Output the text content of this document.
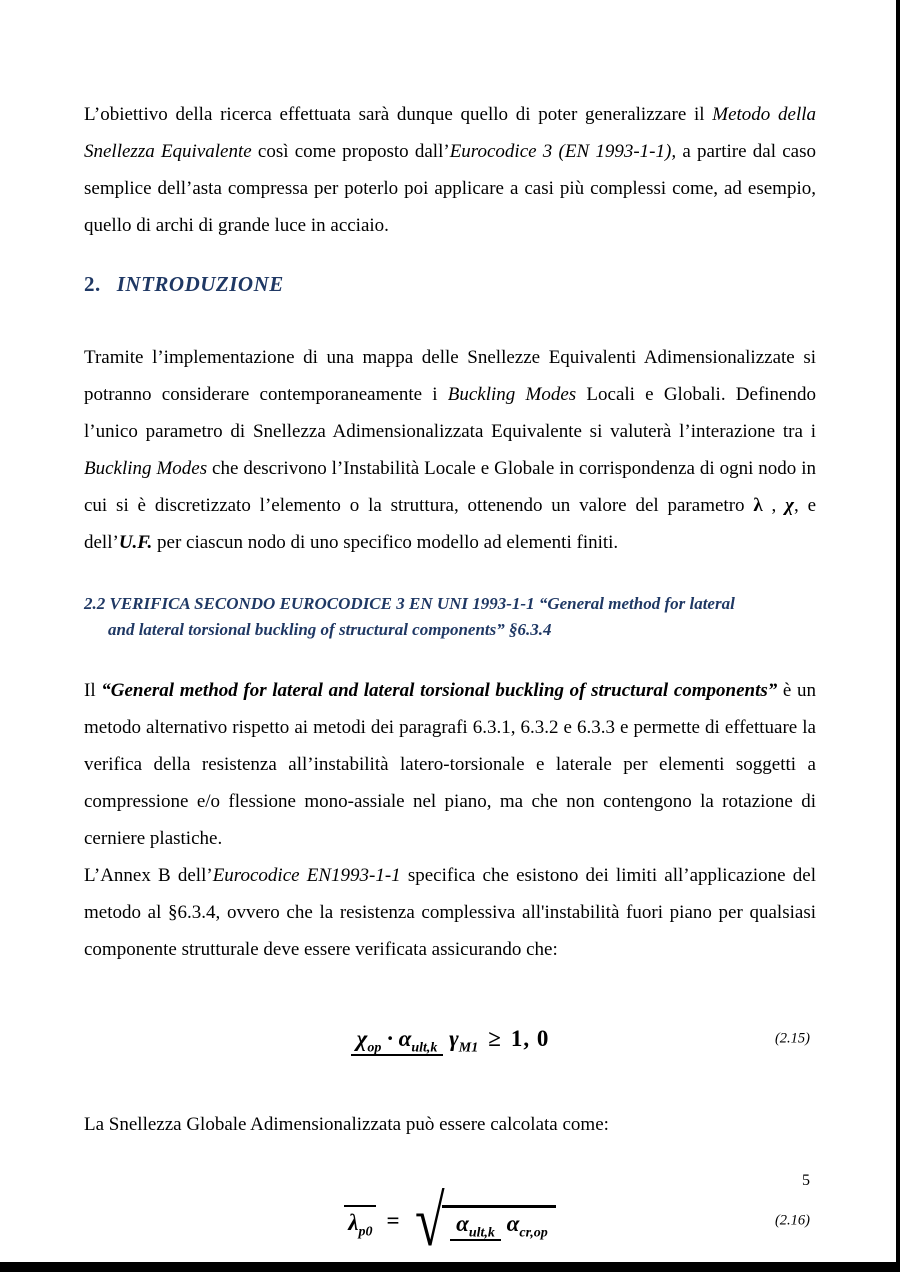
L’obiettivo della ricerca effettuata sarà dunque quello di poter generalizzare il Metodo della Snellezza Equivalente così come proposto dall’Eurocodice 3 (EN 1993-1-1), a partire dal caso semplice dell’asta compressa per poterlo poi applicare a casi più complessi come, ad esempio, quello di archi di grande luce in acciaio.

2. INTRODUZIONE

Tramite l’implementazione di una mappa delle Snellezze Equivalenti Adimensionalizzate si potranno considerare contemporaneamente i Buckling Modes Locali e Globali. Definendo l’unico parametro di Snellezza Adimensionalizzata Equivalente si valuterà l’interazione tra i Buckling Modes che descrivono l’Instabilità Locale e Globale in corrispondenza di ogni nodo in cui si è discretizzato l’elemento o la struttura, ottenendo un valore del parametro λ , χ, e dell’U.F. per ciascun nodo di uno specifico modello ad elementi finiti.

2.2 VERIFICA SECONDO EUROCODICE 3 EN UNI 1993-1-1 “General method for lateral
and lateral torsional buckling of structural components” §6.3.4

Il “General method for lateral and lateral torsional buckling of structural components” è un metodo alternativo rispetto ai metodi dei paragrafi 6.3.1, 6.3.2 e 6.3.3 e permette di effettuare la verifica della resistenza all’instabilità latero-torsionale e laterale per elementi soggetti a compressione e/o flessione mono-assiale nel piano, ma che non contengono la rotazione di cerniere plastiche.

L’Annex B dell’Eurocodice EN1993-1-1 specifica che esistono dei limiti all’applicazione del metodo al §6.3.4, ovvero che la resistenza complessiva all'instabilità fuori piano per qualsiasi componente strutturale deve essere verificata assicurando che:

$\chi_{op} \cdot \alpha_{ult,k}$ $\gamma_{M1} \ge 1$, 0	(2.15)

La Snellezza Globale Adimensionalizzata può essere calcolata come:

$\lambda_{p0}$ = √ $\alpha_{ult,k}$ $\alpha_{cr,op}$
(2.16)
5
